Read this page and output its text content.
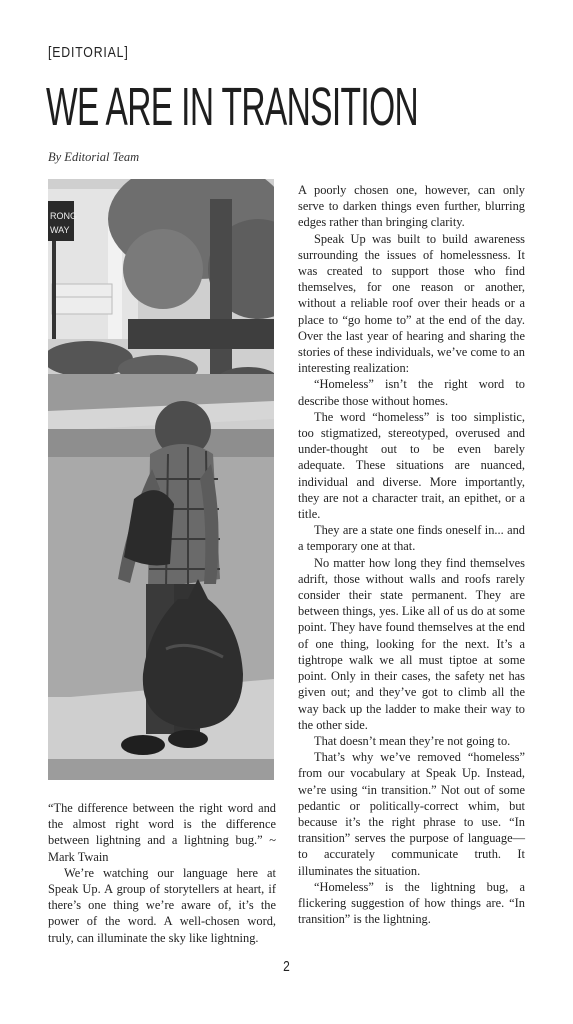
[EDITORIAL]
WE ARE IN TRANSITION
By Editorial Team
RONG
WAY

“The difference between the right word and the almost right word is the difference between lightning and a lightning bug.” ~ Mark Twain

We’re watching our language here at Speak Up. A group of storytellers at heart, if there’s one thing we’re aware of, it’s the power of the word. A well-chosen word, truly, can illuminate the sky like lightning.

A poorly chosen one, however, can only serve to darken things even further, blurring edges rather than bringing clarity.

Speak Up was built to build awareness surrounding the issues of homelessness. It was created to support those who find themselves, for one reason or another, without a reliable roof over their heads or a place to “go home to” at the end of the day. Over the last year of hearing and sharing the stories of these individuals, we’ve come to an interesting realization:

“Homeless” isn’t the right word to describe those without homes.

The word “homeless” is too simplistic, too stigmatized, stereotyped, overused and under-thought out to be even barely adequate. These situations are nuanced, individual and diverse. More importantly, they are not a character trait, an epithet, or a title.

They are a state one finds oneself in... and a temporary one at that.

No matter how long they find themselves adrift, those without walls and roofs rarely consider their state permanent. They are between things, yes. Like all of us do at some point. They have found themselves at the end of one thing, looking for the next. It’s a tightrope walk we all must tiptoe at some point. Only in their cases, the safety net has given out; and they’ve got to climb all the way back up the ladder to make their way to the other side.

That doesn’t mean they’re not going to.

That’s why we’ve removed “homeless” from our vocabulary at Speak Up. Instead, we’re using “in transition.” Not out of some pedantic or politically-correct whim, but because it’s the right phrase to use. “In transition” serves the purpose of language—to accurately communicate truth. It illuminates the situation.

“Homeless” is the lightning bug, a flickering suggestion of how things are. “In transition” is the lightning.

2
